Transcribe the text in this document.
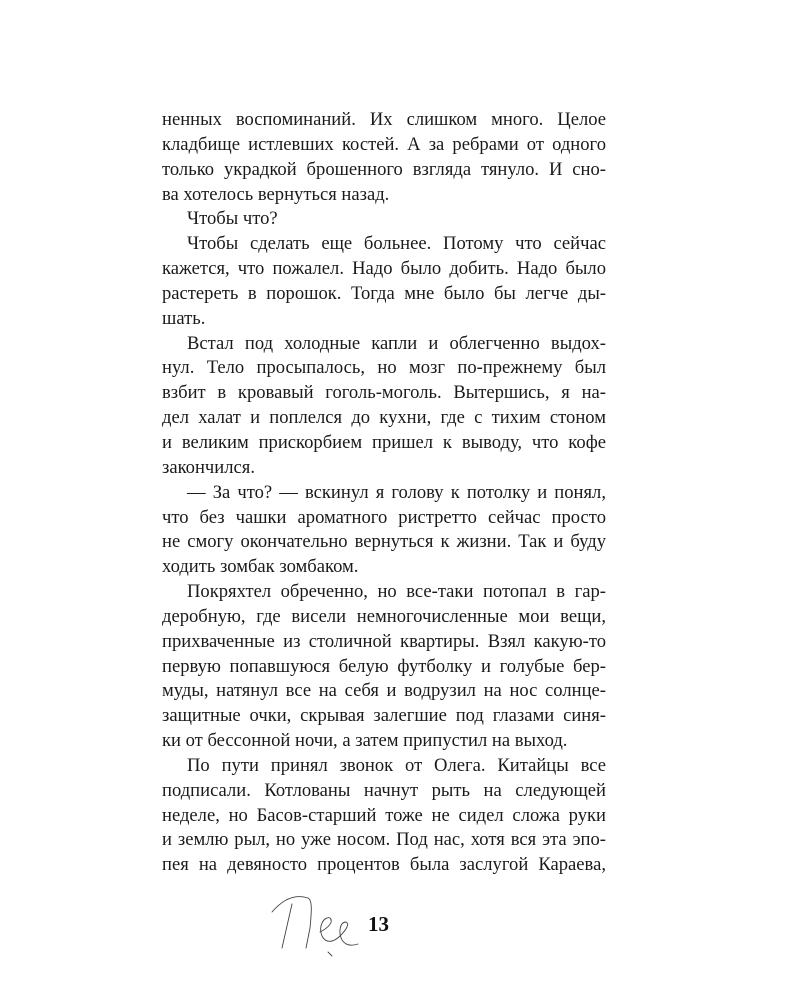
ненных воспоминаний. Их слишком много. Целое
кладбище истлевших костей. А за ребрами от одного
только украдкой брошенного взгляда тянуло. И сно-
ва хотелось вернуться назад.
Чтобы что?
Чтобы сделать еще больнее. Потому что сейчас
кажется, что пожалел. Надо было добить. Надо было
растереть в порошок. Тогда мне было бы легче ды-
шать.
Встал под холодные капли и облегченно выдох-
нул. Тело просыпалось, но мозг по-прежнему был
взбит в кровавый гоголь-моголь. Вытершись, я на-
дел халат и поплелся до кухни, где с тихим стоном
и великим прискорбием пришел к выводу, что кофе
закончился.
— За что? — вскинул я голову к потолку и понял,
что без чашки ароматного ристретто сейчас просто
не смогу окончательно вернуться к жизни. Так и буду
ходить зомбак зомбаком.
Покряхтел обреченно, но все-таки потопал в гар-
деробную, где висели немногочисленные мои вещи,
прихваченные из столичной квартиры. Взял какую-то
первую попавшуюся белую футболку и голубые бер-
муды, натянул все на себя и водрузил на нос солнце-
защитные очки, скрывая залегшие под глазами синя-
ки от бессонной ночи, а затем припустил на выход.
По пути принял звонок от Олега. Китайцы все
подписали. Котлованы начнут рыть на следующей
неделе, но Басов-старший тоже не сидел сложа руки
и землю рыл, но уже носом. Под нас, хотя вся эта эпо-
пея на девяносто процентов была заслугой Караева,
13
